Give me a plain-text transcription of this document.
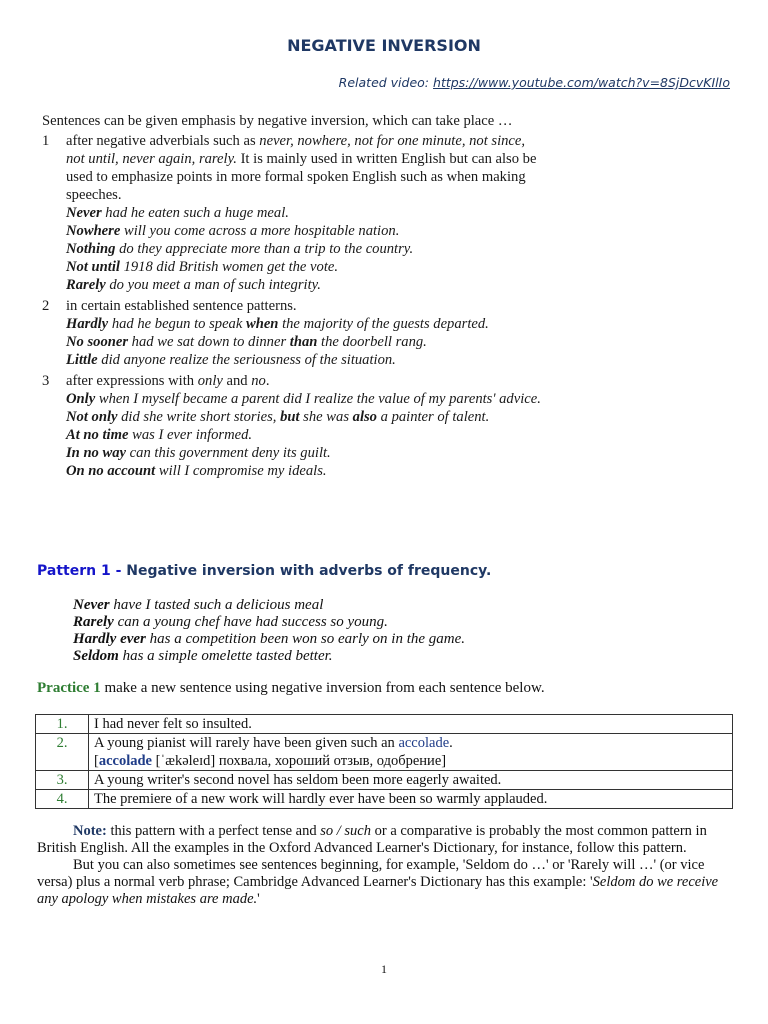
NEGATIVE INVERSION
Related video: https://www.youtube.com/watch?v=8SjDcvKIlIo

Sentences can be given emphasis by negative inversion, which can take place …

1	after negative adverbials such as never, nowhere, not for one minute, not since, not until, never again, rarely. It is mainly used in written English but can also be used to emphasize points in more formal spoken English such as when making speeches.
Never had he eaten such a huge meal.
Nowhere will you come across a more hospitable nation.
Nothing do they appreciate more than a trip to the country.
Not until 1918 did British women get the vote.
Rarely do you meet a man of such integrity.
2	in certain established sentence patterns.
Hardly had he begun to speak when the majority of the guests departed.
No sooner had we sat down to dinner than the doorbell rang.
Little did anyone realize the seriousness of the situation.
3	after expressions with only and no.
Only when I myself became a parent did I realize the value of my parents' advice.
Not only did she write short stories, but she was also a painter of talent.
At no time was I ever informed.
In no way can this government deny its guilt.
On no account will I compromise my ideals.
Pattern 1 - Negative inversion with adverbs of frequency.
Never have I tasted such a delicious meal
Rarely can a young chef have had success so young.
Hardly ever has a competition been won so early on in the game.
Seldom has a simple omelette tasted better.
Practice 1 make a new sentence using negative inversion from each sentence below.
1.	I had never felt so insulted.
2.	A young pianist will rarely have been given such an accolade.
[accolade [ˈækəleɪd] похвала, хороший отзыв, одобрение]
3.	A young writer's second novel has seldom been more eagerly awaited.
4.	The premiere of a new work will hardly ever have been so warmly applauded.

Note: this pattern with a perfect tense and so / such or a comparative is probably the most common pattern in British English. All the examples in the Oxford Advanced Learner's Dictionary, for instance, follow this pattern.

But you can also sometimes see sentences beginning, for example, 'Seldom do …' or 'Rarely will …' (or vice versa) plus a normal verb phrase; Cambridge Advanced Learner's Dictionary has this example: 'Seldom do we receive any apology when mistakes are made.'

1
